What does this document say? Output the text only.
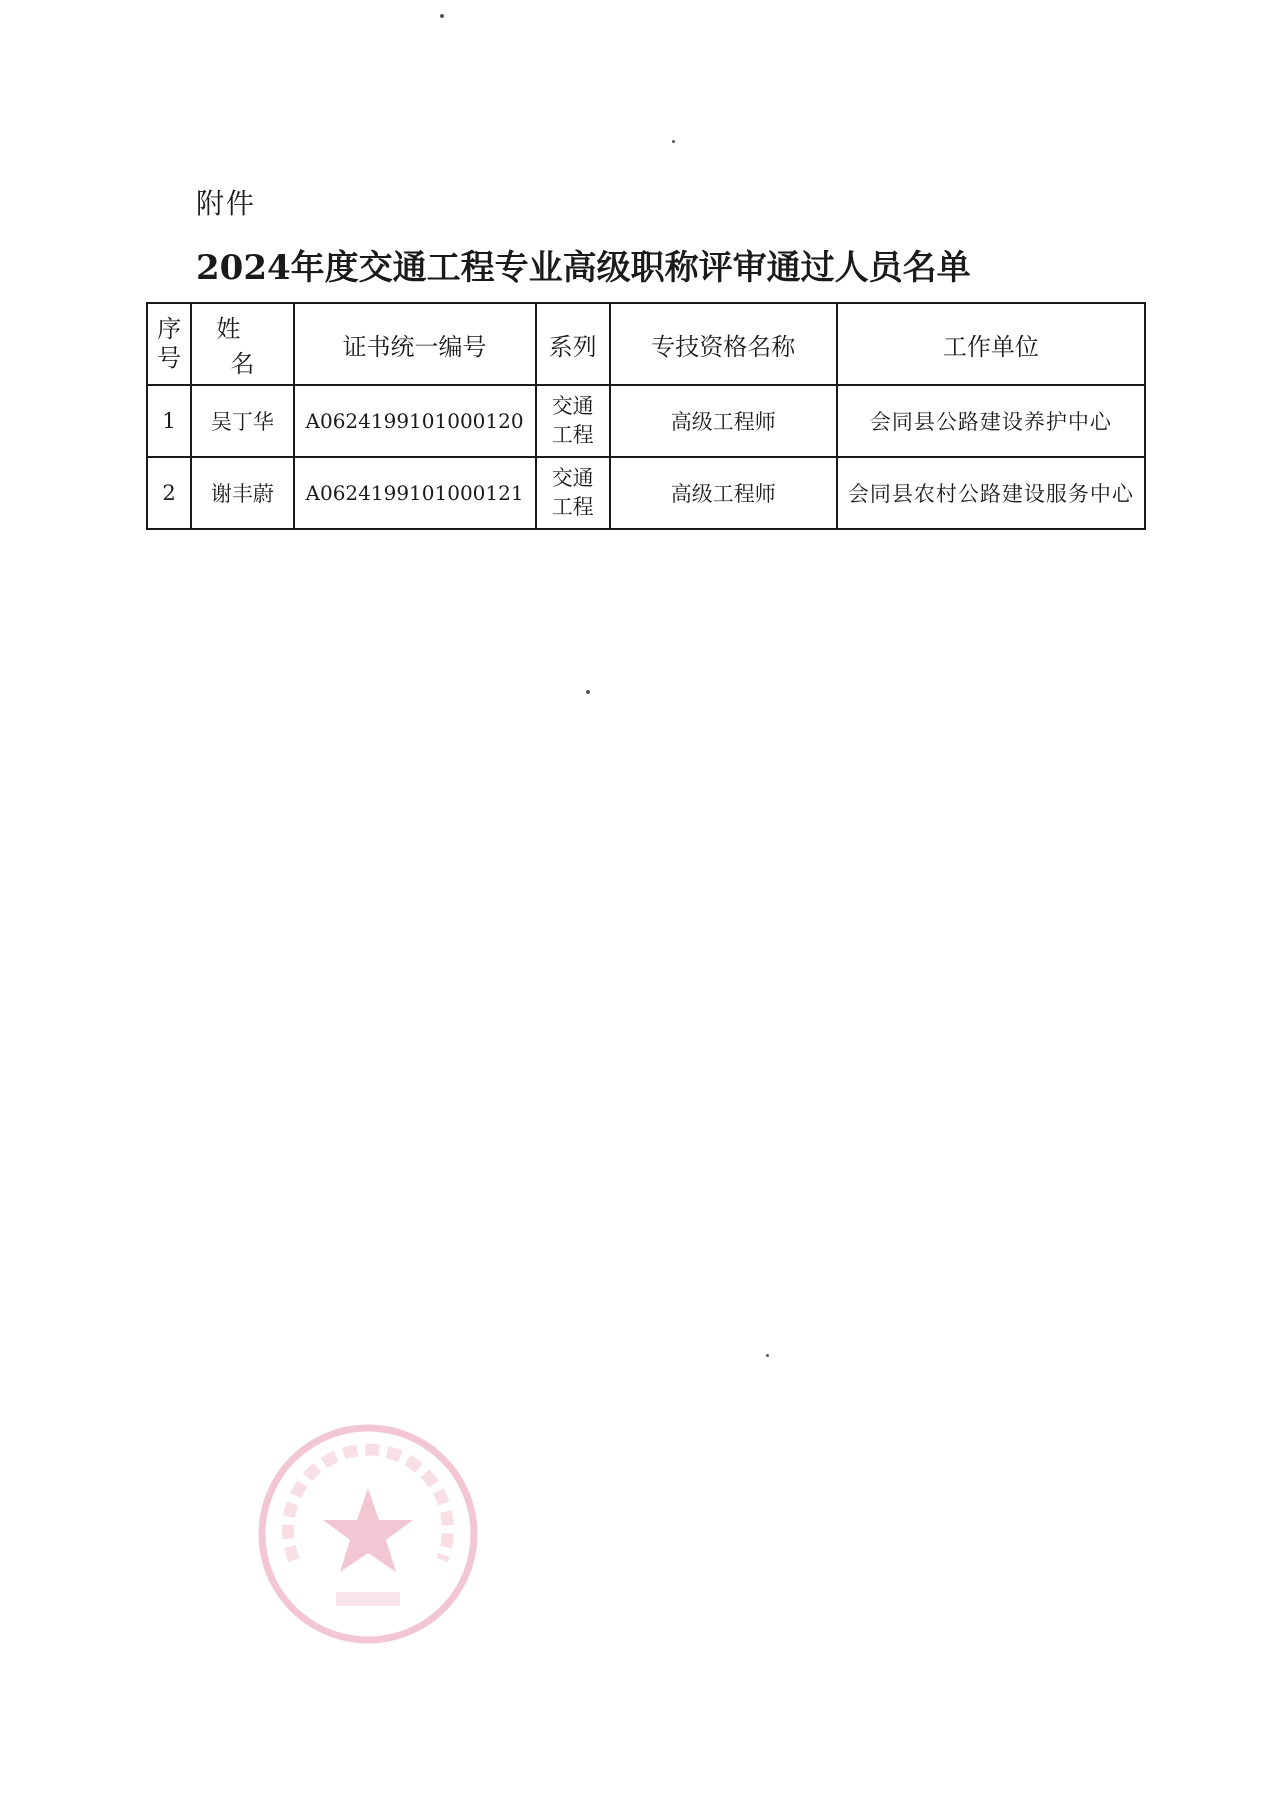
附件
2024年度交通工程专业高级职称评审通过人员名单
序号	姓名	证书统一编号	系列	专技资格名称	工作单位
1	吴丁华	A0624199101000120	交通工程	高级工程师	会同县公路建设养护中心
2	谢丰蔚	A0624199101000121	交通工程	高级工程师	会同县农村公路建设服务中心
